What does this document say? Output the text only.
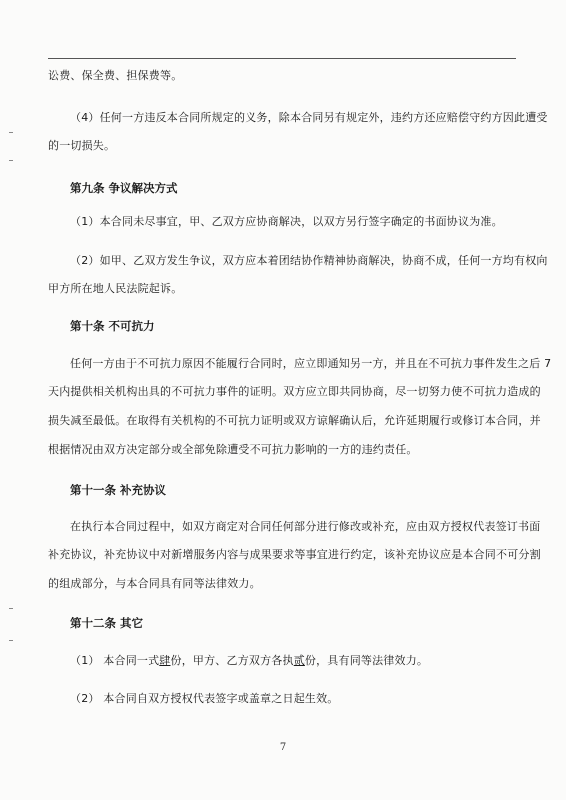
讼费、保全费、担保费等。

（4）任何一方违反本合同所规定的义务，除本合同另有规定外，违约方还应赔偿守约方因此遭受

的一切损失。

第九条 争议解决方式

（1）本合同未尽事宜，甲、乙双方应协商解决，以双方另行签字确定的书面协议为准。

（2）如甲、乙双方发生争议，双方应本着团结协作精神协商解决，协商不成，任何一方均有权向

甲方所在地人民法院起诉。

第十条 不可抗力

任何一方由于不可抗力原因不能履行合同时，应立即通知另一方，并且在不可抗力事件发生之后 7

天内提供相关机构出具的不可抗力事件的证明。双方应立即共同协商，尽一切努力使不可抗力造成的

损失减至最低。在取得有关机构的不可抗力证明或双方谅解确认后，允许延期履行或修订本合同，并

根据情况由双方决定部分或全部免除遭受不可抗力影响的一方的违约责任。

第十一条 补充协议

在执行本合同过程中，如双方商定对合同任何部分进行修改或补充，应由双方授权代表签订书面

补充协议，补充协议中对新增服务内容与成果要求等事宜进行约定，该补充协议应是本合同不可分割

的组成部分，与本合同具有同等法律效力。

第十二条 其它

（1） 本合同一式肆份，甲方、乙方双方各执贰份，具有同等法律效力。

（2） 本合同自双方授权代表签字或盖章之日起生效。

7
